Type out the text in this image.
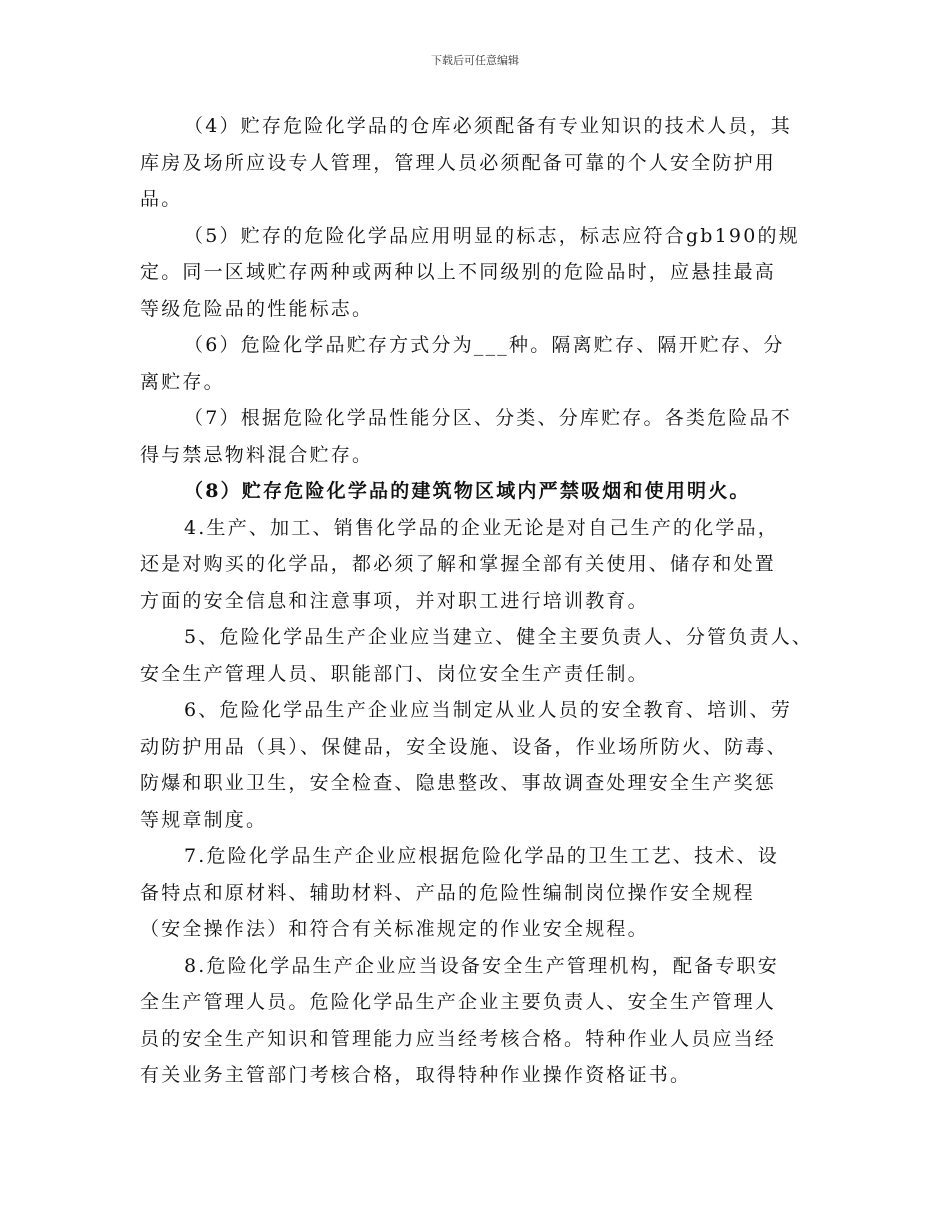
下载后可任意编辑

（4）贮存危险化学品的仓库必须配备有专业知识的技术人员，其
库房及场所应设专人管理，管理人员必须配备可靠的个人安全防护用
品。

（5）贮存的危险化学品应用明显的标志，标志应符合gb190的规
定。同一区域贮存两种或两种以上不同级别的危险品时，应悬挂最高
等级危险品的性能标志。

（6）危险化学品贮存方式分为___种。隔离贮存、隔开贮存、分
离贮存。

（7）根据危险化学品性能分区、分类、分库贮存。各类危险品不
得与禁忌物料混合贮存。

（8）贮存危险化学品的建筑物区域内严禁吸烟和使用明火。

4.生产、加工、销售化学品的企业无论是对自己生产的化学品，
还是对购买的化学品，都必须了解和掌握全部有关使用、储存和处置
方面的安全信息和注意事项，并对职工进行培训教育。

5、危险化学品生产企业应当建立、健全主要负责人、分管负责人、
安全生产管理人员、职能部门、岗位安全生产责任制。

6、危险化学品生产企业应当制定从业人员的安全教育、培训、劳
动防护用品（具）、保健品，安全设施、设备，作业场所防火、防毒、
防爆和职业卫生，安全检查、隐患整改、事故调查处理安全生产奖惩
等规章制度。

7.危险化学品生产企业应根据危险化学品的卫生工艺、技术、设
备特点和原材料、辅助材料、产品的危险性编制岗位操作安全规程
（安全操作法）和符合有关标准规定的作业安全规程。

8.危险化学品生产企业应当设备安全生产管理机构，配备专职安
全生产管理人员。危险化学品生产企业主要负责人、安全生产管理人
员的安全生产知识和管理能力应当经考核合格。特种作业人员应当经
有关业务主管部门考核合格，取得特种作业操作资格证书。
